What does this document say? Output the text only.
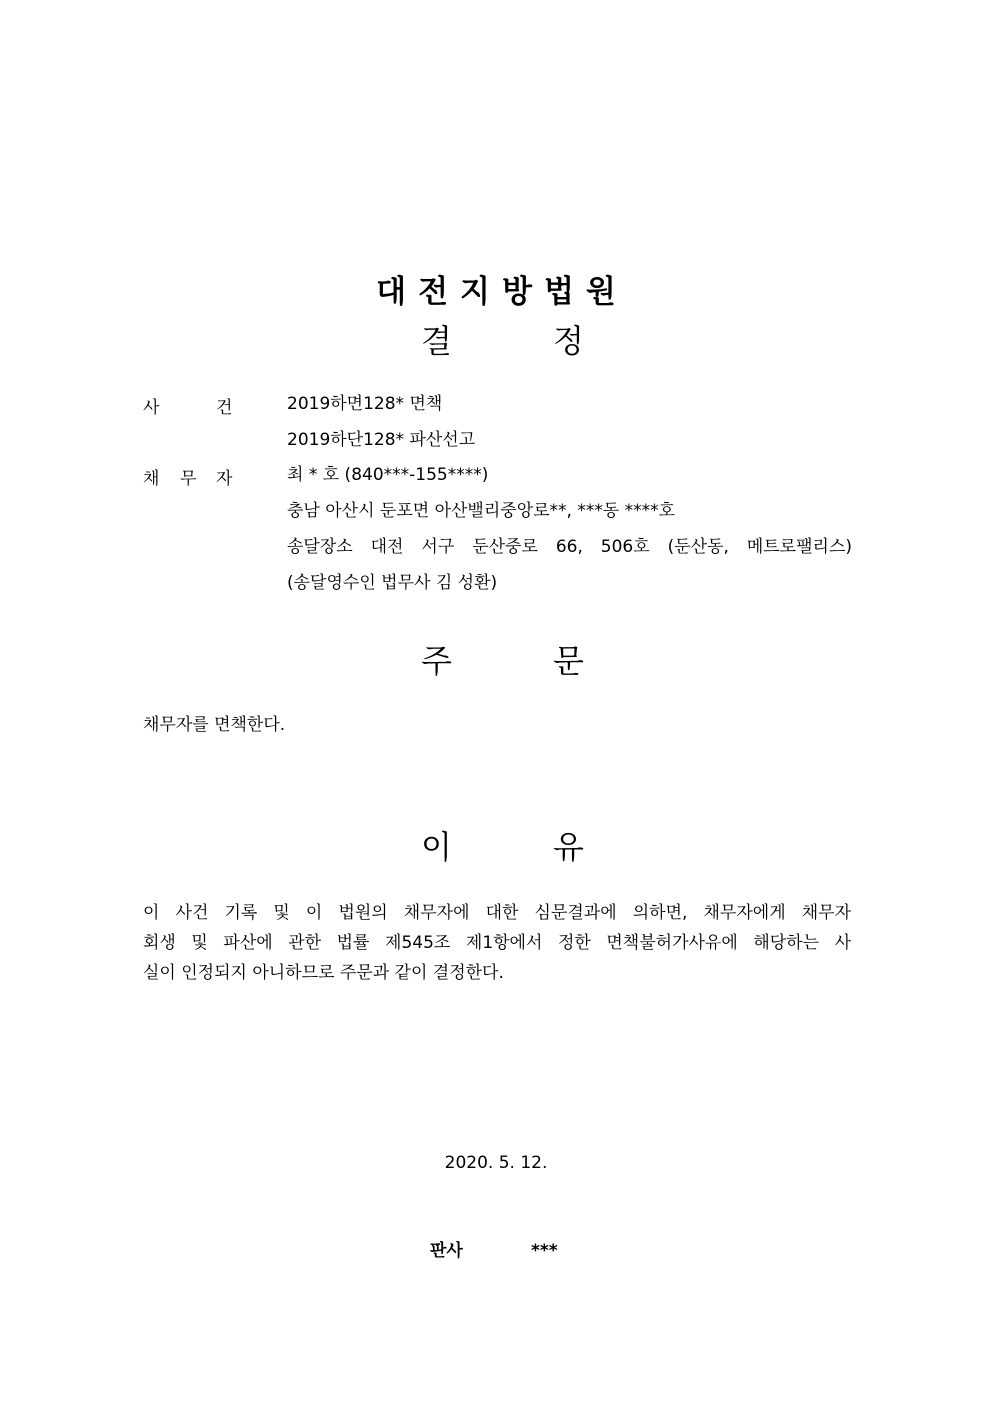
대전지방법원
결	정
사	건	2019하면128* 면책
2019하단128* 파산선고
채 무 자	최 * 호 (840***-155****)
충남 아산시 둔포면 아산밸리중앙로**, ***동 ****호
송달장소 대전 서구 둔산중로 66, 506호 (둔산동, 메트로팰리스)
(송달영수인 법무사 김 성환)
주	문
채무자를 면책한다.
이	유
이 사건 기록 및 이 법원의 채무자에 대한 심문결과에 의하면, 채무자에게 채무자
회생 및 파산에 관한 법률 제545조 제1항에서 정한 면책불허가사유에 해당하는 사
실이 인정되지 아니하므로 주문과 같이 결정한다.
2020. 5. 12.
판사	***
